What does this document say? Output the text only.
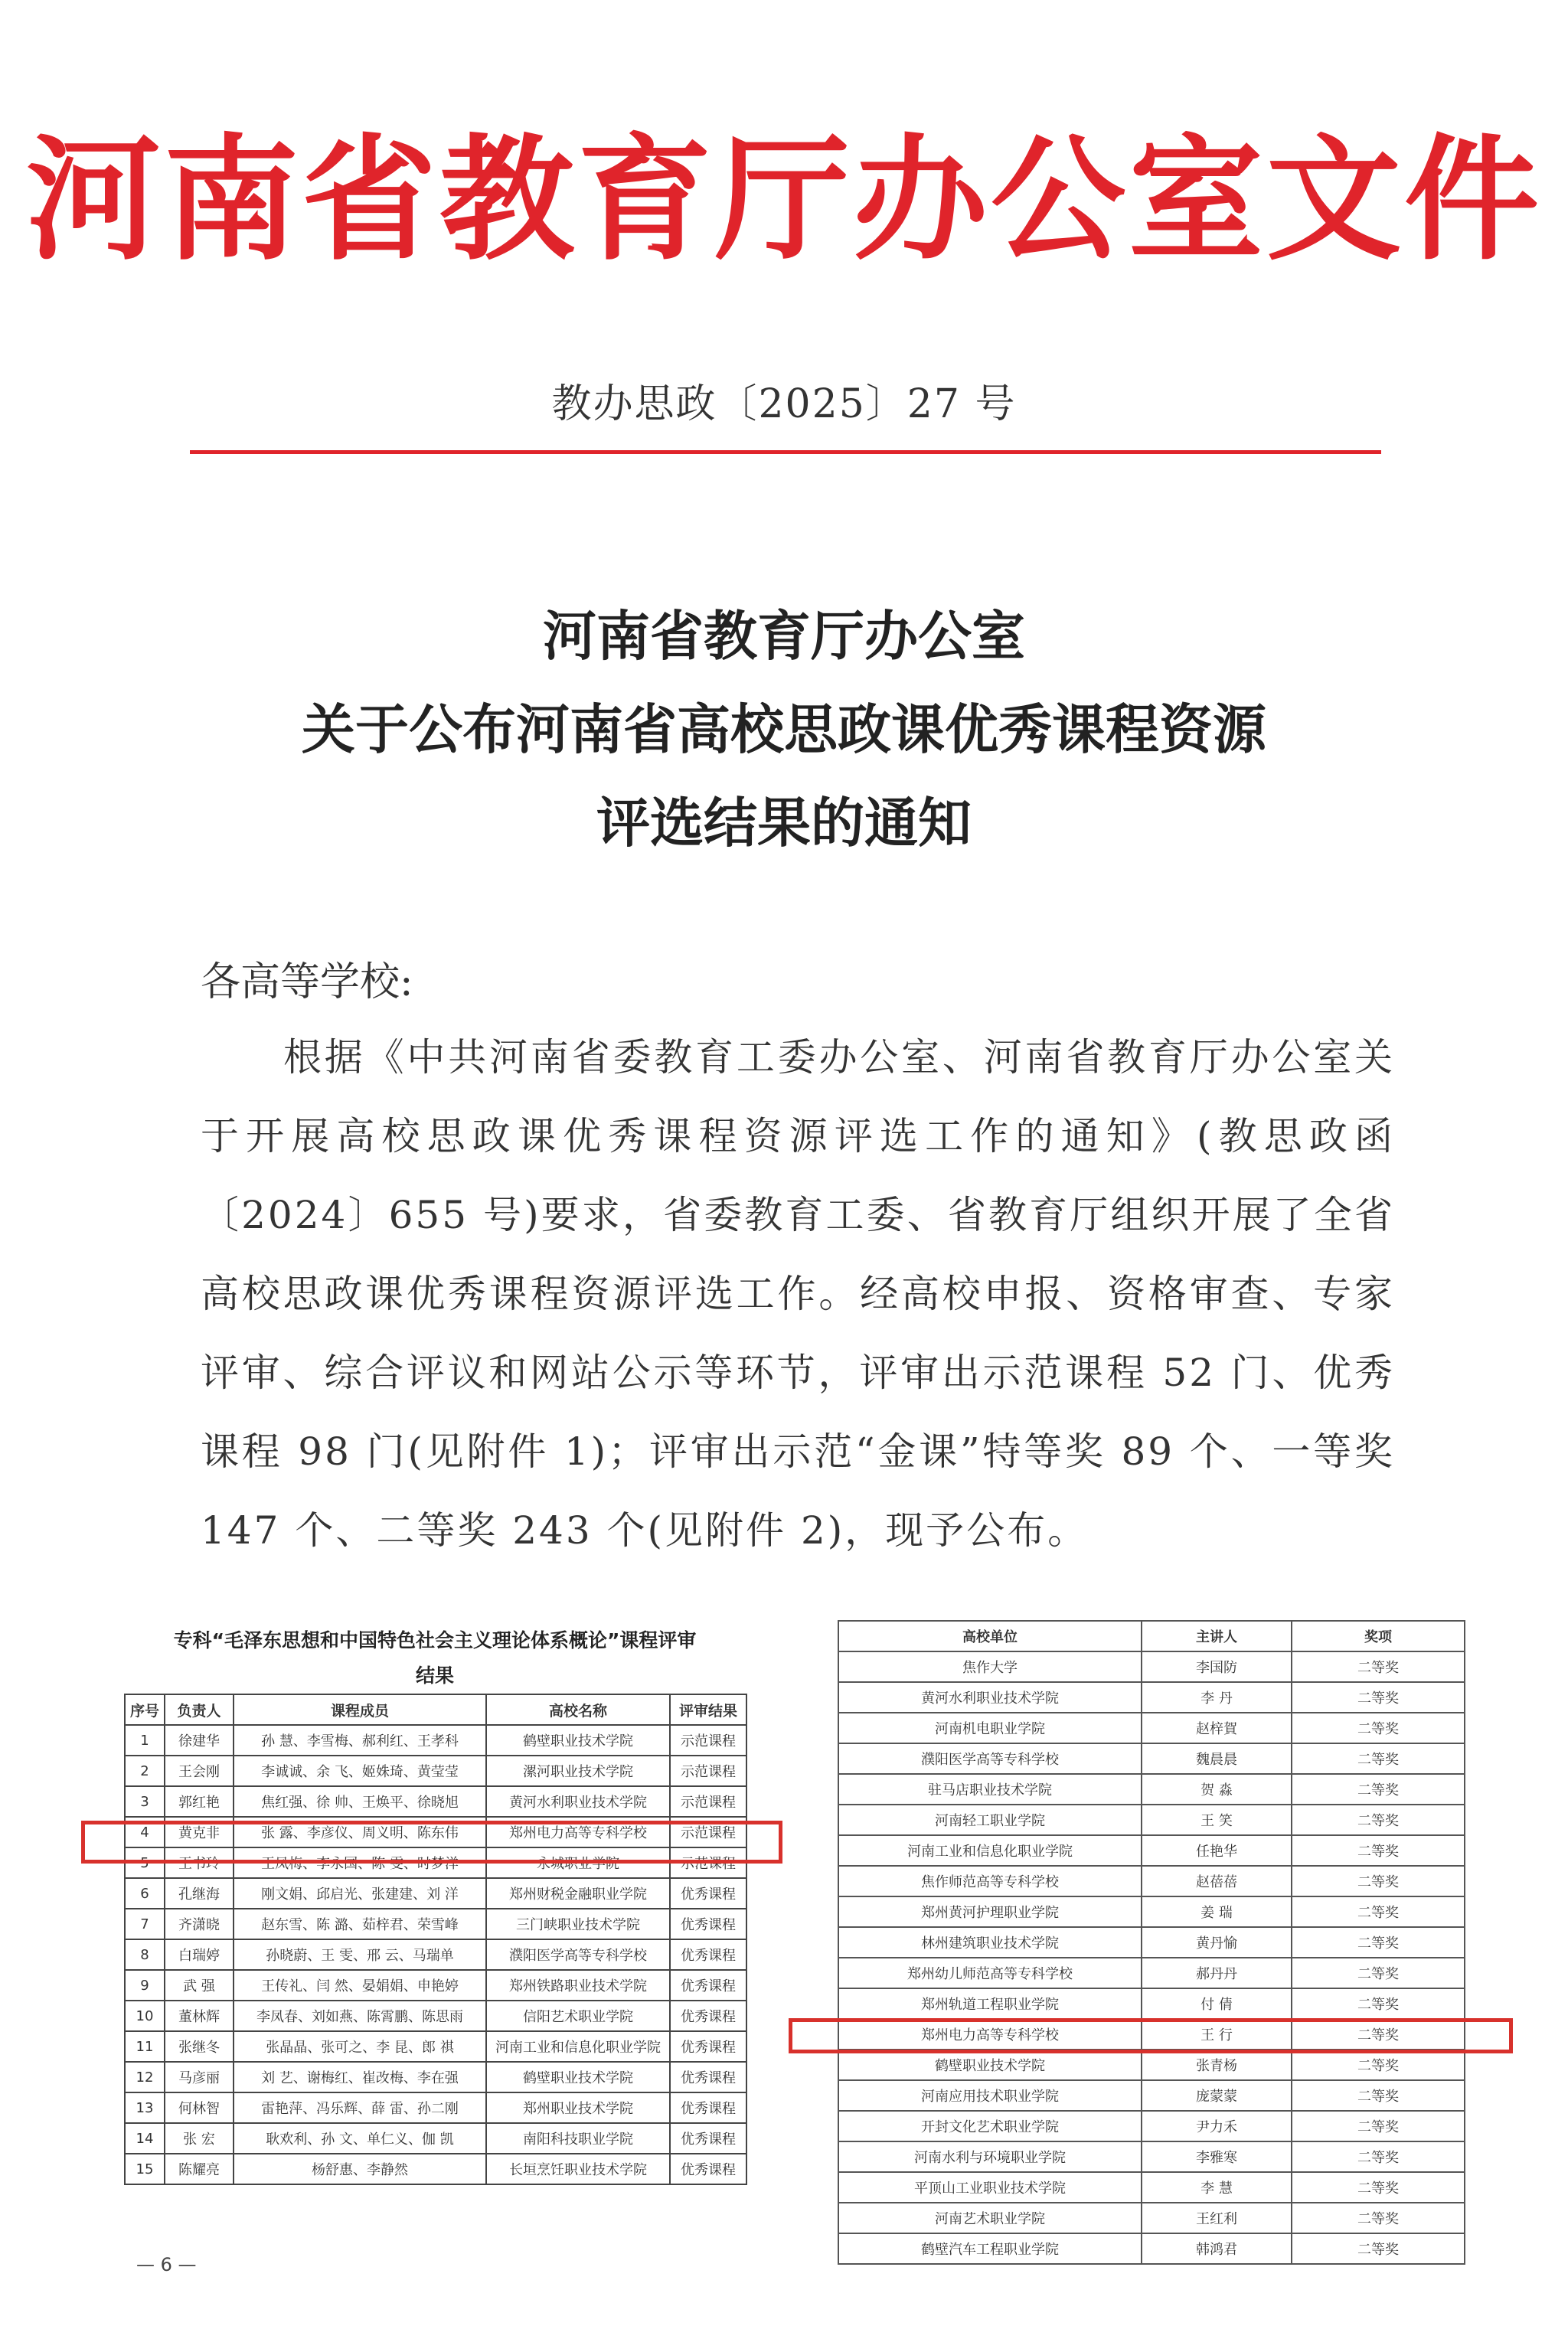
河南省教育厅办公室文件
教办思政〔2025〕27 号
河南省教育厅办公室
关于公布河南省高校思政课优秀课程资源
评选结果的通知
各高等学校:
根据《中共河南省委教育工委办公室、河南省教育厅办公室关于开展高校思政课优秀课程资源评选工作的通知》(教思政函〔2024〕655 号)要求，省委教育工委、省教育厅组织开展了全省高校思政课优秀课程资源评选工作。经高校申报、资格审查、专家评审、综合评议和网站公示等环节，评审出示范课程 52 门、优秀课程 98 门(见附件 1)；评审出示范“金课”特等奖 89 个、一等奖 147 个、二等奖 243 个(见附件 2)，现予公布。
专科“毛泽东思想和中国特色社会主义理论体系概论”课程评审
结果
序号	负责人	课程成员	高校名称	评审结果
1	徐建华	孙 慧、李雪梅、郝利红、王孝科	鹤壁职业技术学院	示范课程
2	王会刚	李诚诚、余 飞、姬姝琦、黄莹莹	漯河职业技术学院	示范课程
3	郭红艳	焦红强、徐 帅、王焕平、徐晓旭	黄河水利职业技术学院	示范课程
4	黄克非	张 露、李彦仪、周义明、陈东伟	郑州电力高等专科学校	示范课程
5	王书玲	王凤梅、李永国、陈 雯、时梦洋	永城职业学院	示范课程
6	孔继海	刚文娟、邱启光、张建建、刘 洋	郑州财税金融职业学院	优秀课程
7	齐潇晓	赵东雪、陈 潞、茹梓君、荣雪峰	三门峡职业技术学院	优秀课程
8	白瑞婷	孙晓蔚、王 雯、邢 云、马瑞单	濮阳医学高等专科学校	优秀课程
9	武 强	王传礼、闫 然、晏娟娟、申艳婷	郑州铁路职业技术学院	优秀课程
10	董林辉	李凤春、刘如燕、陈霄鹏、陈思雨	信阳艺术职业学院	优秀课程
11	张继冬	张晶晶、张可之、李 昆、郎 祺	河南工业和信息化职业学院	优秀课程
12	马彦丽	刘 艺、谢梅红、崔改梅、李在强	鹤壁职业技术学院	优秀课程
13	何林智	雷艳萍、冯乐辉、薛 雷、孙二刚	郑州职业技术学院	优秀课程
14	张 宏	耿欢利、孙 文、单仁义、伽 凯	南阳科技职业学院	优秀课程
15	陈耀亮	杨舒惠、李静然	长垣烹饪职业技术学院	优秀课程
高校单位	主讲人	奖项
焦作大学	李国防	二等奖
黄河水利职业技术学院	李 丹	二等奖
河南机电职业学院	赵梓賀	二等奖
濮阳医学高等专科学校	魏晨晨	二等奖
驻马店职业技术学院	贺 淼	二等奖
河南轻工职业学院	王 笑	二等奖
河南工业和信息化职业学院	任艳华	二等奖
焦作师范高等专科学校	赵蓓蓓	二等奖
郑州黄河护理职业学院	姜 瑞	二等奖
林州建筑职业技术学院	黄丹愉	二等奖
郑州幼儿师范高等专科学校	郝丹丹	二等奖
郑州轨道工程职业学院	付 倩	二等奖
郑州电力高等专科学校	王 行	二等奖
鹤壁职业技术学院	张青杨	二等奖
河南应用技术职业学院	庞蒙蒙	二等奖
开封文化艺术职业学院	尹力禾	二等奖
河南水利与环境职业学院	李雅寒	二等奖
平顶山工业职业技术学院	李 慧	二等奖
河南艺术职业学院	王红利	二等奖
鹤壁汽车工程职业学院	韩鸿君	二等奖
— 6 —
